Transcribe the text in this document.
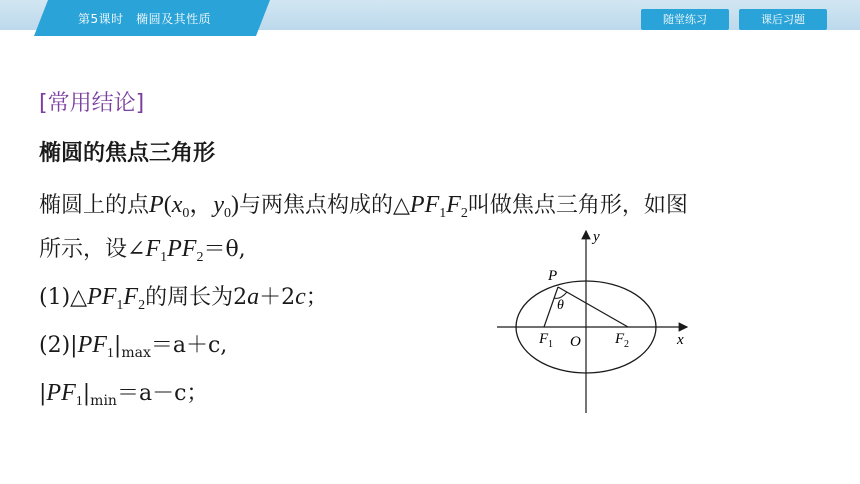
第5课时　椭圆及其性质	随堂练习	课后习题
[常用结论]
椭圆的焦点三角形
椭圆上的点$P(x_0$，$y_0$)与两焦点构成的$\triangle PF_1F_2$叫做焦点三角形，如图
所示，设$\angle F_1PF_2=\theta$,
$(1)\triangle PF_1F_2$的周长为2a＋2c；
$(2)|PF_1|_{max}=a+c$,
$|PF_1|_{min}=a-c$；
y
x
O
P
θ
F 1	F 2
